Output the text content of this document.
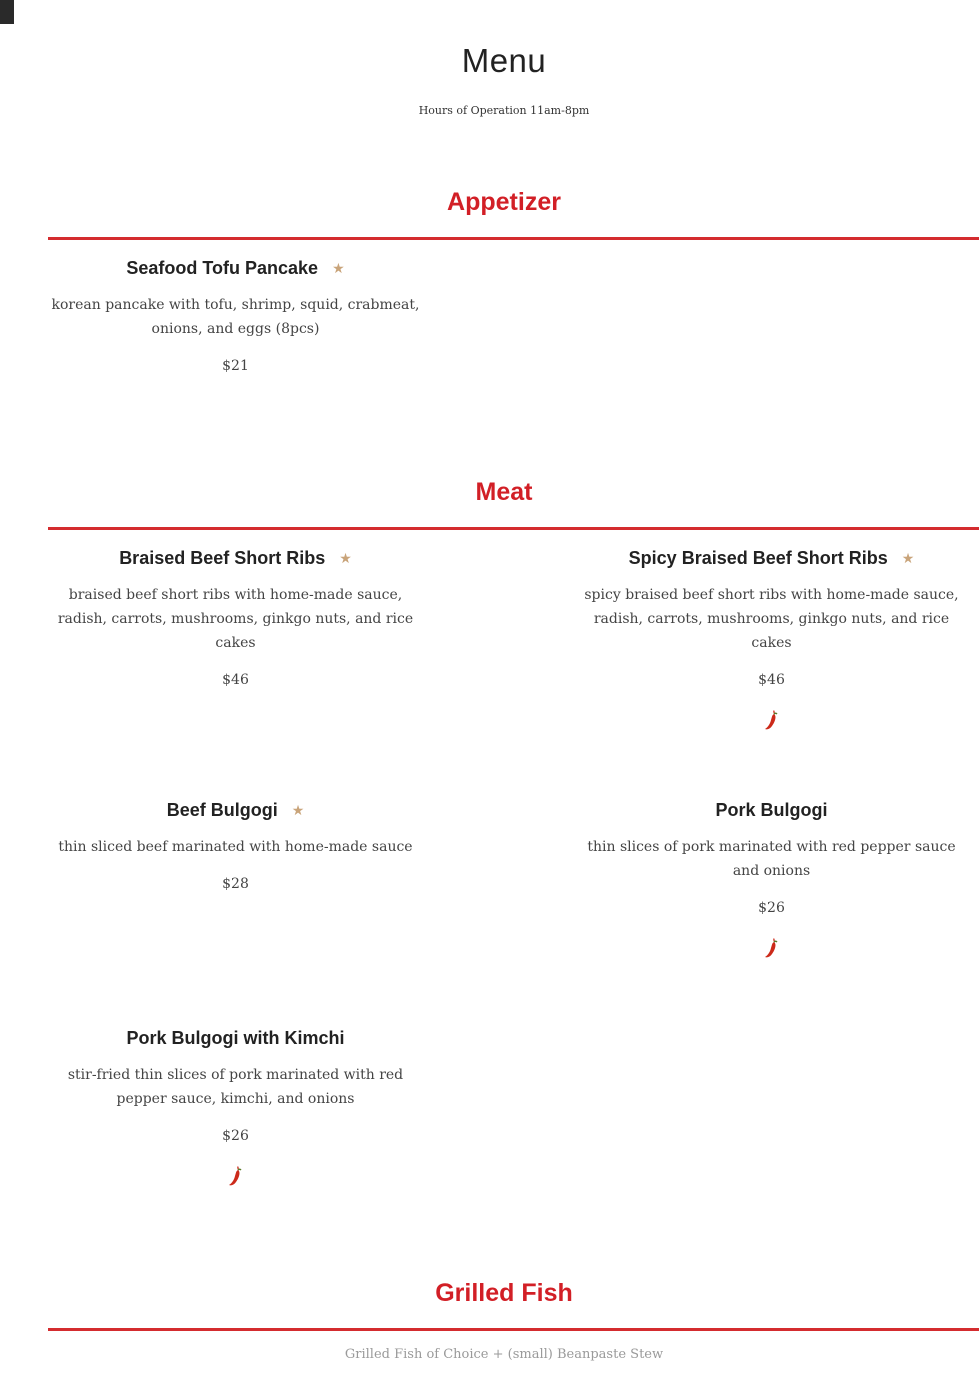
Menu
Hours of Operation 11am-8pm
Appetizer
Seafood Tofu Pancake ★
korean pancake with tofu, shrimp, squid, crabmeat, onions, and eggs (8pcs)
$21
Meat
Braised Beef Short Ribs ★
braised beef short ribs with home-made sauce, radish, carrots, mushrooms, ginkgo nuts, and rice cakes
$46
Spicy Braised Beef Short Ribs ★
spicy braised beef short ribs with home-made sauce, radish, carrots, mushrooms, ginkgo nuts, and rice cakes
$46
Beef Bulgogi ★
thin sliced beef marinated with home-made sauce
$28
Pork Bulgogi
thin slices of pork marinated with red pepper sauce and onions
$26
Pork Bulgogi with Kimchi
stir-fried thin slices of pork marinated with red pepper sauce, kimchi, and onions
$26
Grilled Fish
Grilled Fish of Choice + (small) Beanpaste Stew
